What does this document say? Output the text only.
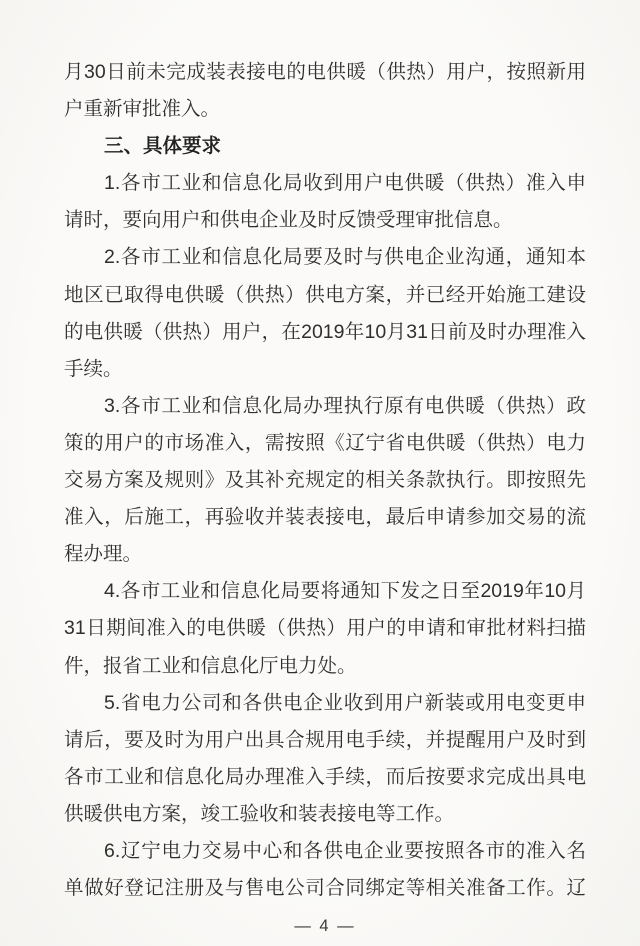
月30日前未完成装表接电的电供暖（供热）用户，按照新用
户重新审批准入。
三、具体要求
1.各市工业和信息化局收到用户电供暖（供热）准入申
请时，要向用户和供电企业及时反馈受理审批信息。
2.各市工业和信息化局要及时与供电企业沟通，通知本
地区已取得电供暖（供热）供电方案，并已经开始施工建设
的电供暖（供热）用户，在2019年10月31日前及时办理准入
手续。
3.各市工业和信息化局办理执行原有电供暖（供热）政
策的用户的市场准入，需按照《辽宁省电供暖（供热）电力
交易方案及规则》及其补充规定的相关条款执行。即按照先
准入，后施工，再验收并装表接电，最后申请参加交易的流
程办理。
4.各市工业和信息化局要将通知下发之日至2019年10月
31日期间准入的电供暖（供热）用户的申请和审批材料扫描
件，报省工业和信息化厅电力处。
5.省电力公司和各供电企业收到用户新装或用电变更申
请后，要及时为用户出具合规用电手续，并提醒用户及时到
各市工业和信息化局办理准入手续，而后按要求完成出具电
供暖供电方案，竣工验收和装表接电等工作。
6.辽宁电力交易中心和各供电企业要按照各市的准入名
单做好登记注册及与售电公司合同绑定等相关准备工作。辽
— 4 —
